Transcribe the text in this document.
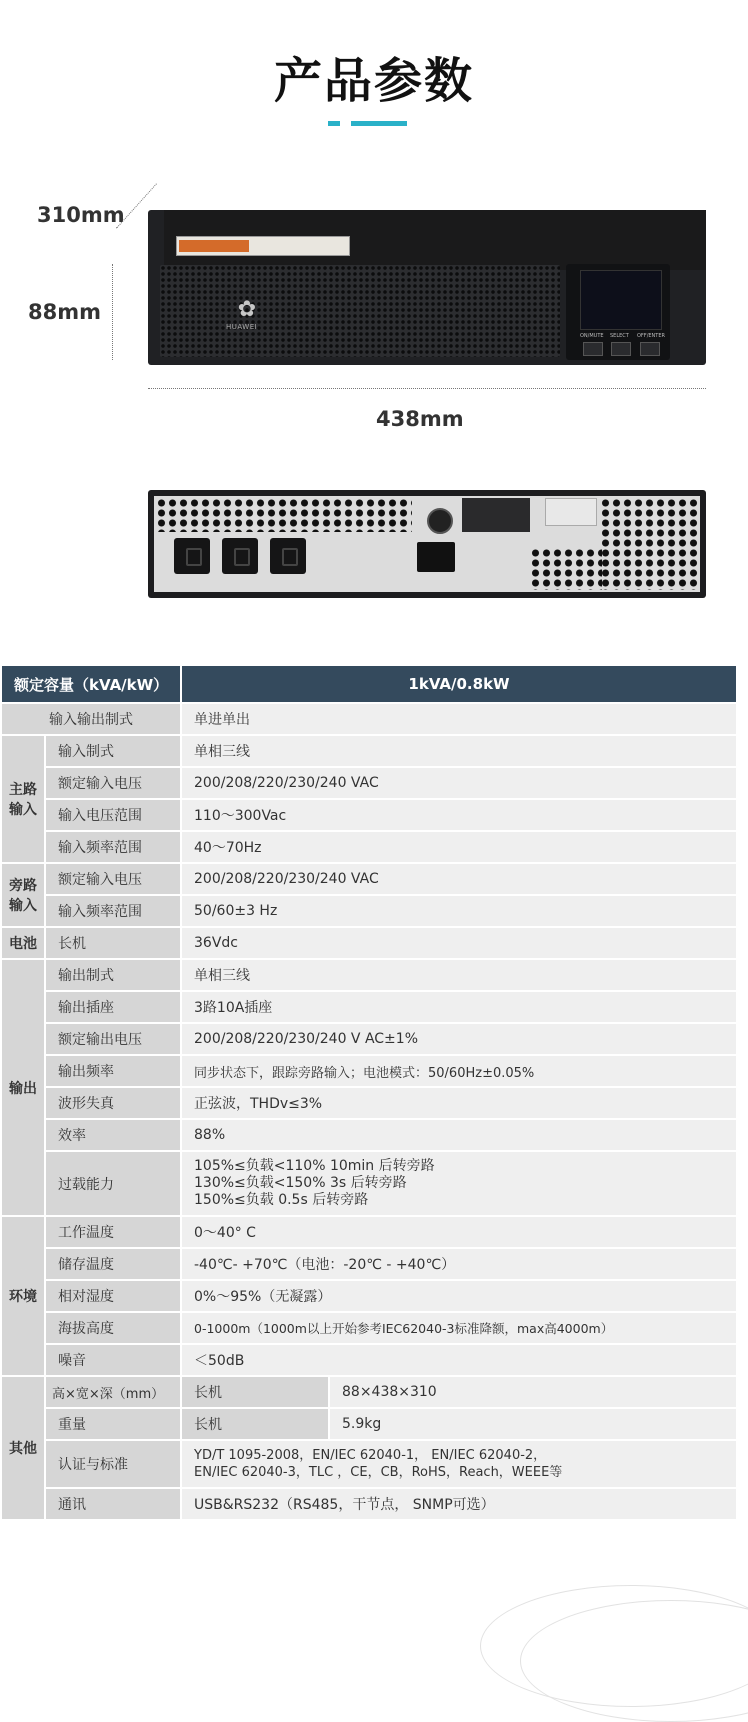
产品参数
310mm
88mm
438mm
✿
HUAWEI
ON/MUTE SELECT OFF/ENTER
额定容量（kVA/kW）		1kVA/0.8kW	
输入输出制式		单进单出	
主路
输入	输入制式	单相三线	
	额定输入电压	200/208/220/230/240 VAC	
	输入电压范围	110～300Vac	
	输入频率范围	40～70Hz	
旁路
输入	额定输入电压	200/208/220/230/240 VAC	
	输入频率范围	50/60±3 Hz	
电池	长机	36Vdc	
输出	输出制式	单相三线	
	输出插座	3路10A插座	
	额定输出电压	200/208/220/230/240 V AC±1%	
	输出频率	同步状态下，跟踪旁路输入；电池模式：50/60Hz±0.05%	
	波形失真	正弦波，THDv≤3%	
	效率	88%	
	过载能力	105%≤负载<110% 10min 后转旁路
130%≤负载<150% 3s 后转旁路
150%≤负载 0.5s 后转旁路	

环境	工作温度	0～40° C	
	储存温度	-40℃- +70℃（电池：-20℃ - +40℃）	
	相对湿度	0%～95%（无凝露）	
	海拔高度	0-1000m（1000m以上开始参考IEC62040-3标准降额，max高4000m）	
	噪音	＜50dB	
其他	高×宽×深（mm）	长机	88×438×310
	重量	长机	5.9kg
	认证与标准	YD/T 1095-2008，EN/IEC 62040-1， EN/IEC 62040-2，
EN/IEC 62040-3，TLC ，CE，CB，RoHS，Reach，WEEE等	

	通讯	USB&RS232（RS485，干节点， SNMP可选）	
